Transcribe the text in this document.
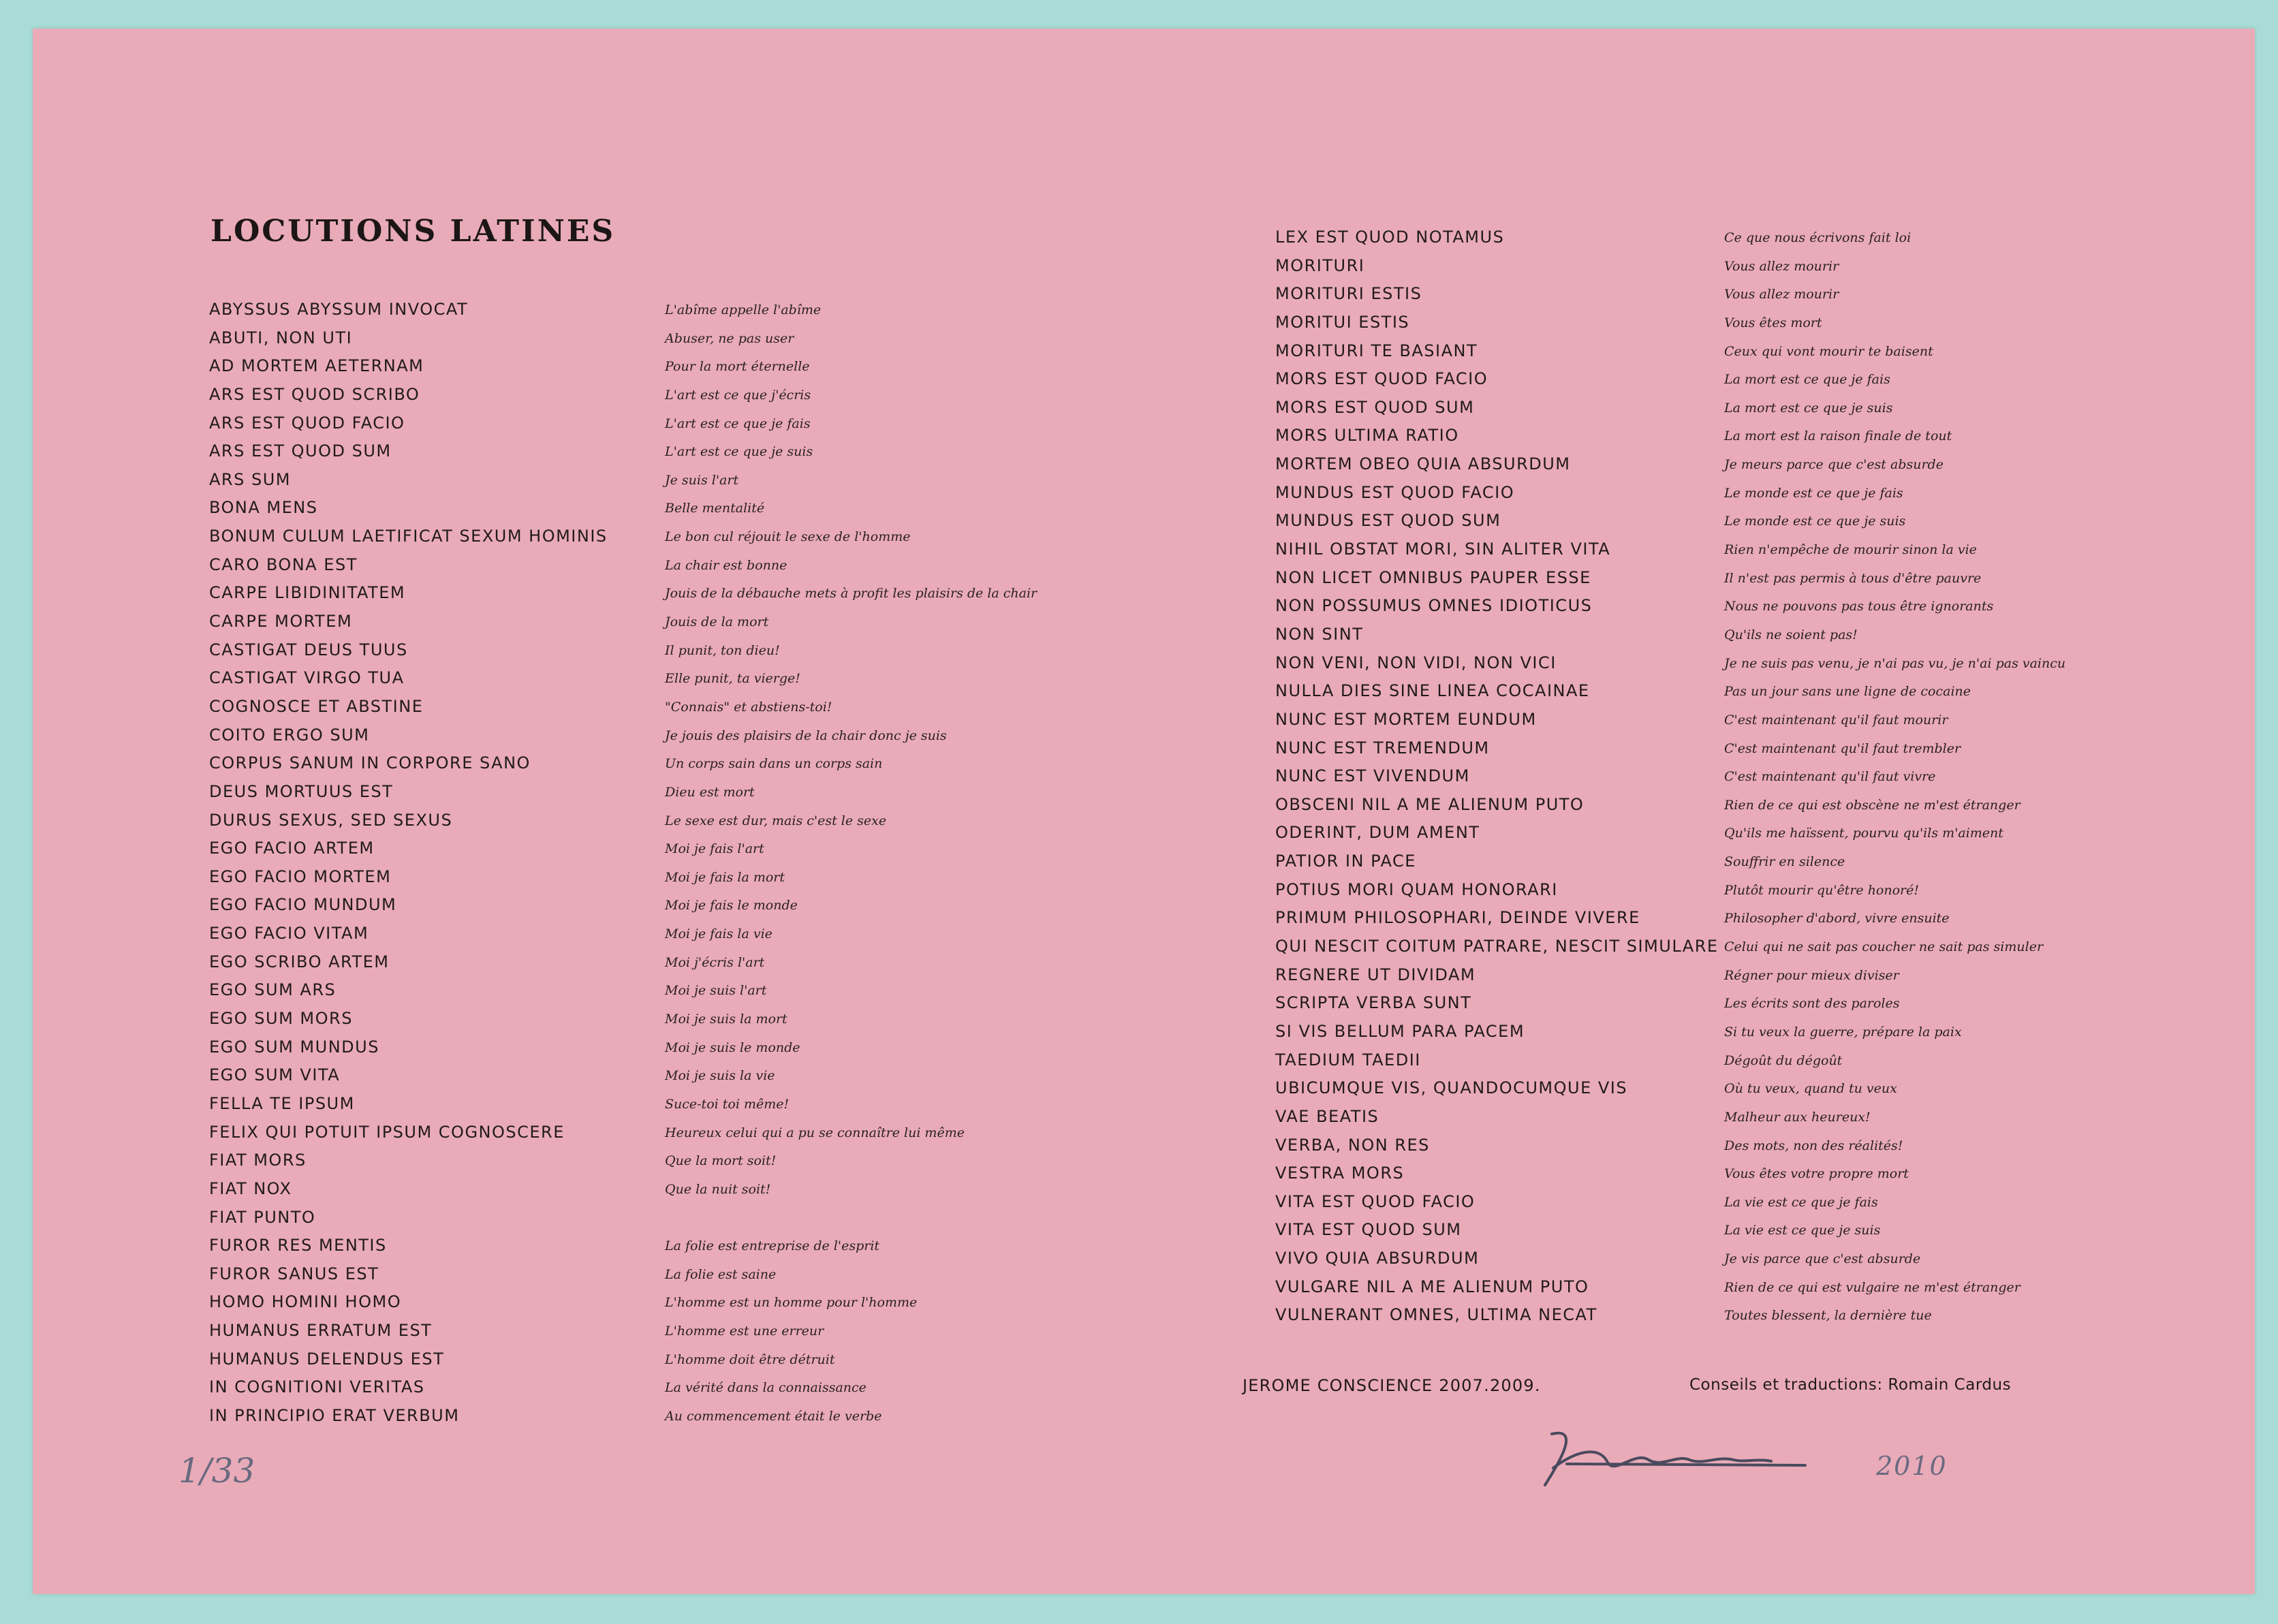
LOCUTIONS LATINES
ABYSSUS ABYSSUM INVOCAT	L'abîme appelle l'abîme
ABUTI, NON UTI	Abuser, ne pas user
AD MORTEM AETERNAM	Pour la mort éternelle
ARS EST QUOD SCRIBO	L'art est ce que j'écris
ARS EST QUOD FACIO	L'art est ce que je fais
ARS EST QUOD SUM	L'art est ce que je suis
ARS SUM	Je suis l'art
BONA MENS	Belle mentalité
BONUM CULUM LAETIFICAT SEXUM HOMINIS	Le bon cul réjouit le sexe de l'homme
CARO BONA EST	La chair est bonne
CARPE LIBIDINITATEM	Jouis de la débauche mets à profit les plaisirs de la chair
CARPE MORTEM	Jouis de la mort
CASTIGAT DEUS TUUS	Il punit, ton dieu!
CASTIGAT VIRGO TUA	Elle punit, ta vierge!
COGNOSCE ET ABSTINE	"Connais" et abstiens-toi!
COITO ERGO SUM	Je jouis des plaisirs de la chair donc je suis
CORPUS SANUM IN CORPORE SANO	Un corps sain dans un corps sain
DEUS MORTUUS EST	Dieu est mort
DURUS SEXUS, SED SEXUS	Le sexe est dur, mais c'est le sexe
EGO FACIO ARTEM	Moi je fais l'art
EGO FACIO MORTEM	Moi je fais la mort
EGO FACIO MUNDUM	Moi je fais le monde
EGO FACIO VITAM	Moi je fais la vie
EGO SCRIBO ARTEM	Moi j'écris l'art
EGO SUM ARS	Moi je suis l'art
EGO SUM MORS	Moi je suis la mort
EGO SUM MUNDUS	Moi je suis le monde
EGO SUM VITA	Moi je suis la vie
FELLA TE IPSUM	Suce-toi toi même!
FELIX QUI POTUIT IPSUM COGNOSCERE	Heureux celui qui a pu se connaître lui même
FIAT MORS	Que la mort soit!
FIAT NOX	Que la nuit soit!
FIAT PUNTO
FUROR RES MENTIS	La folie est entreprise de l'esprit
FUROR SANUS EST	La folie est saine
HOMO HOMINI HOMO	L'homme est un homme pour l'homme
HUMANUS ERRATUM EST	L'homme est une erreur
HUMANUS DELENDUS EST	L'homme doit être détruit
IN COGNITIONI VERITAS	La vérité dans la connaissance
IN PRINCIPIO ERAT VERBUM	Au commencement était le verbe
LEX EST QUOD NOTAMUS	Ce que nous écrivons fait loi
MORITURI	Vous allez mourir
MORITURI ESTIS	Vous allez mourir
MORITUI ESTIS	Vous êtes mort
MORITURI TE BASIANT	Ceux qui vont mourir te baisent
MORS EST QUOD FACIO	La mort est ce que je fais
MORS EST QUOD SUM	La mort est ce que je suis
MORS ULTIMA RATIO	La mort est la raison finale de tout
MORTEM OBEO QUIA ABSURDUM	Je meurs parce que c'est absurde
MUNDUS EST QUOD FACIO	Le monde est ce que je fais
MUNDUS EST QUOD SUM	Le monde est ce que je suis
NIHIL OBSTAT MORI, SIN ALITER VITA	Rien n'empêche de mourir sinon la vie
NON LICET OMNIBUS PAUPER ESSE	Il n'est pas permis à tous d'être pauvre
NON POSSUMUS OMNES IDIOTICUS	Nous ne pouvons pas tous être ignorants
NON SINT	Qu'ils ne soient pas!
NON VENI, NON VIDI, NON VICI	Je ne suis pas venu, je n'ai pas vu, je n'ai pas vaincu
NULLA DIES SINE LINEA COCAINAE	Pas un jour sans une ligne de cocaine
NUNC EST MORTEM EUNDUM	C'est maintenant qu'il faut mourir
NUNC EST TREMENDUM	C'est maintenant qu'il faut trembler
NUNC EST VIVENDUM	C'est maintenant qu'il faut vivre
OBSCENI NIL A ME ALIENUM PUTO	Rien de ce qui est obscène ne m'est étranger
ODERINT, DUM AMENT	Qu'ils me haïssent, pourvu qu'ils m'aiment
PATIOR IN PACE	Souffrir en silence
POTIUS MORI QUAM HONORARI	Plutôt mourir qu'être honoré!
PRIMUM PHILOSOPHARI, DEINDE VIVERE	Philosopher d'abord, vivre ensuite
QUI NESCIT COITUM PATRARE, NESCIT SIMULARE Celui qui ne sait pas coucher ne sait pas simuler
REGNERE UT DIVIDAM	Régner pour mieux diviser
SCRIPTA VERBA SUNT	Les écrits sont des paroles
SI VIS BELLUM PARA PACEM	Si tu veux la guerre, prépare la paix
TAEDIUM TAEDII	Dégoût du dégoût
UBICUMQUE VIS, QUANDOCUMQUE VIS	Où tu veux, quand tu veux
VAE BEATIS	Malheur aux heureux!
VERBA, NON RES	Des mots, non des réalités!
VESTRA MORS	Vous êtes votre propre mort
VITA EST QUOD FACIO	La vie est ce que je fais
VITA EST QUOD SUM	La vie est ce que je suis
VIVO QUIA ABSURDUM	Je vis parce que c'est absurde
VULGARE NIL A ME ALIENUM PUTO	Rien de ce qui est vulgaire ne m'est étranger
VULNERANT OMNES, ULTIMA NECAT	Toutes blessent, la dernière tue
JEROME CONSCIENCE 2007.2009.	Conseils et traductions: Romain Cardus
1/33	2010
